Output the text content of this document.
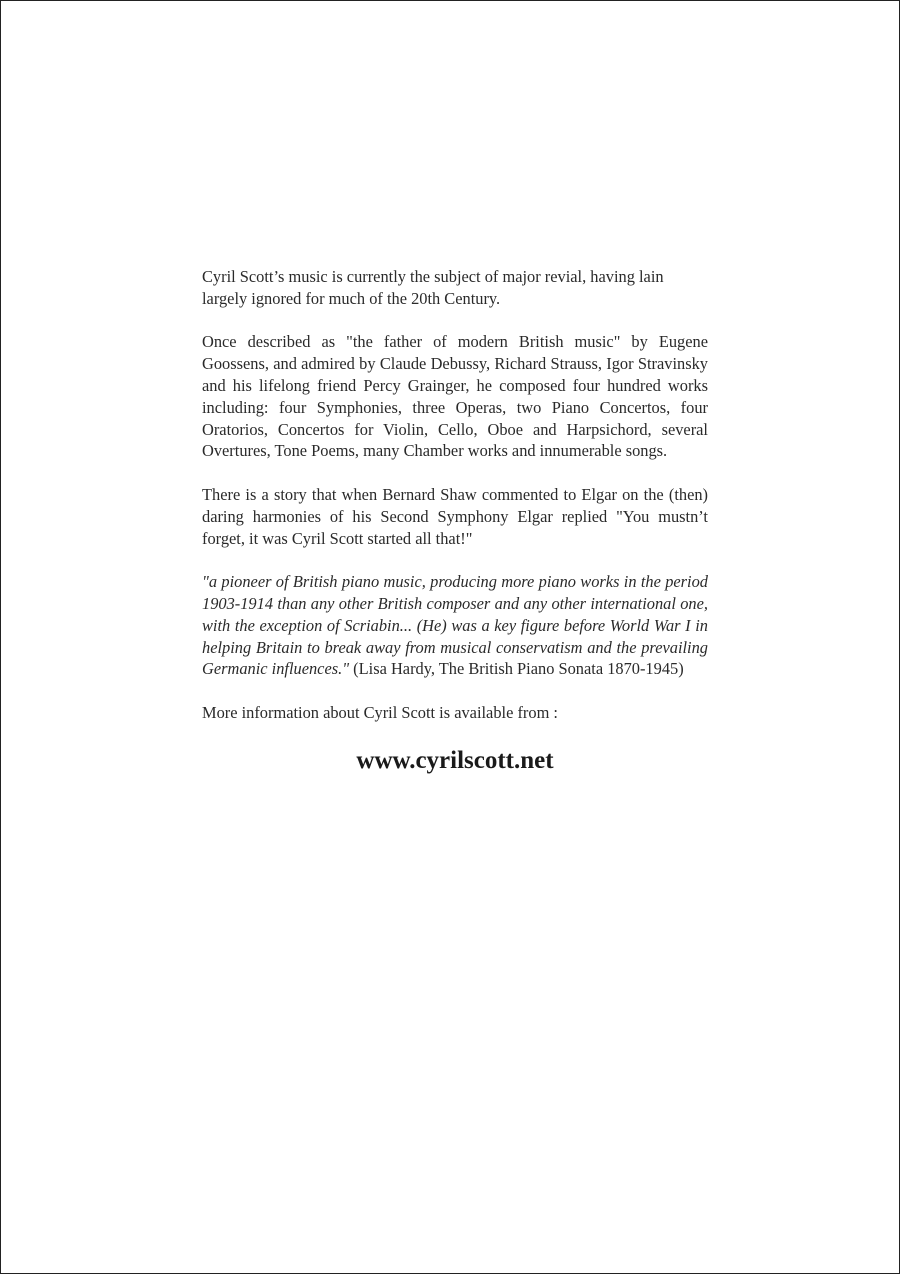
Cyril Scott’s music is currently the subject of major revial, having lain largely ignored for much of the 20th Century.

Once described as "the father of modern British music" by Eugene Goossens, and admired by Claude Debussy, Richard Strauss, Igor Stravinsky and his lifelong friend Percy Grainger, he composed four hundred works including: four Symphonies, three Operas, two Piano Concertos, four Oratorios, Concertos for Violin, Cello, Oboe and Harpsichord, several Overtures, Tone Poems, many Chamber works and innumerable songs.

There is a story that when Bernard Shaw commented to Elgar on the (then) daring harmonies of his Second Symphony Elgar replied "You mustn’t forget, it was Cyril Scott started all that!"

"a pioneer of British piano music, producing more piano works in the period 1903-1914 than any other British composer and any other international one, with the exception of Scriabin... (He) was a key figure before World War I in helping Britain to break away from musical conservatism and the prevailing Germanic influences." (Lisa Hardy, The British Piano Sonata 1870-1945)

More information about Cyril Scott is available from :

www.cyrilscott.net
